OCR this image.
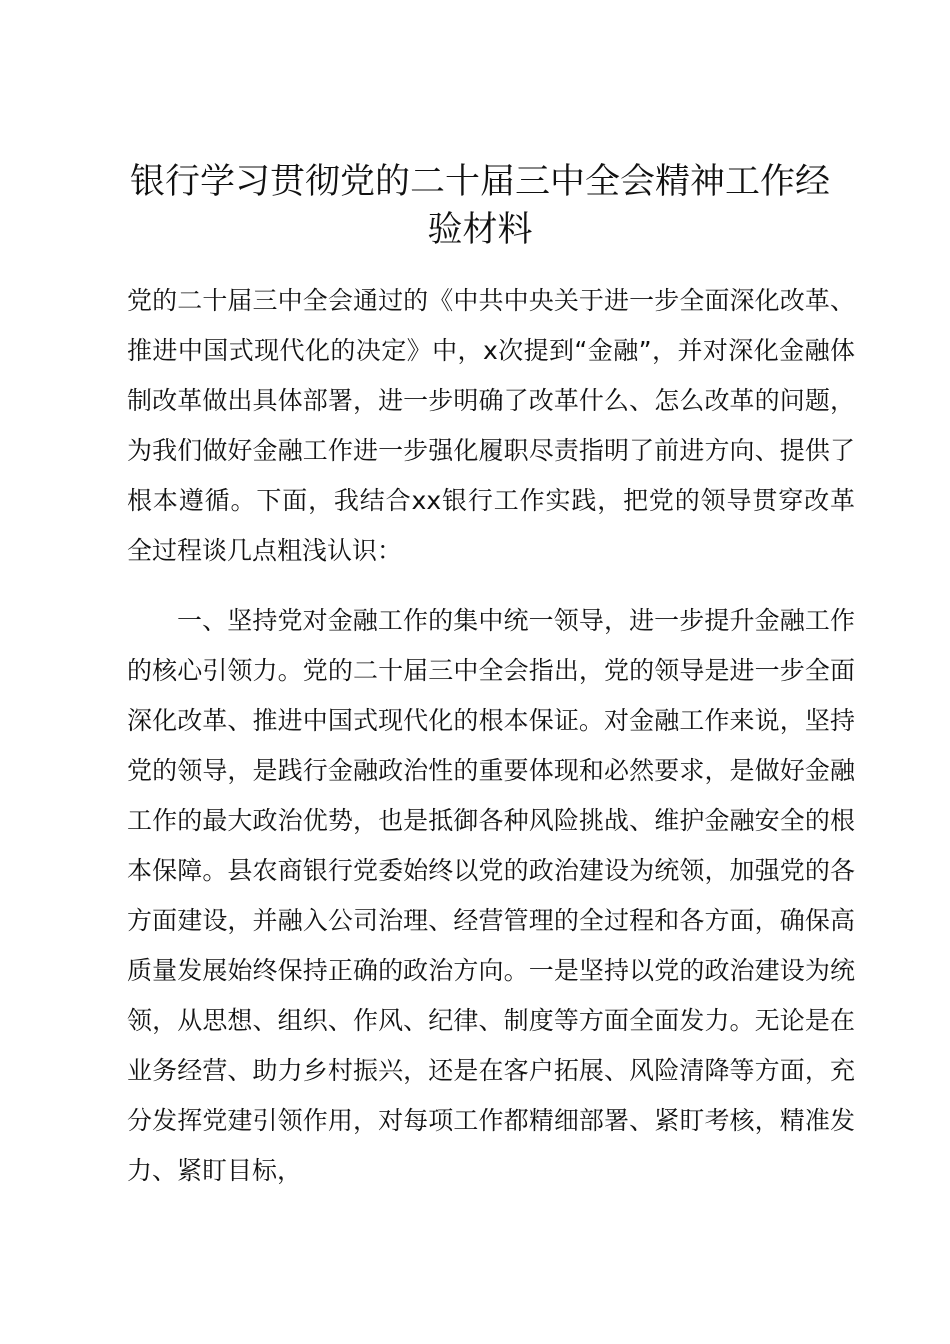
银行学习贯彻党的二十届三中全会精神工作经
验材料

党的二十届三中全会通过的《中共中央关于进一步全面深化改革、推进中国式现代化的决定》中，x次提到“金融”，并对深化金融体制改革做出具体部署，进一步明确了改革什么、怎么改革的问题，为我们做好金融工作进一步强化履职尽责指明了前进方向、提供了根本遵循。下面，我结合xx银行工作实践，把党的领导贯穿改革全过程谈几点粗浅认识：

一、坚持党对金融工作的集中统一领导，进一步提升金融工作的核心引领力。党的二十届三中全会指出，党的领导是进一步全面深化改革、推进中国式现代化的根本保证。对金融工作来说，坚持党的领导，是践行金融政治性的重要体现和必然要求，是做好金融工作的最大政治优势，也是抵御各种风险挑战、维护金融安全的根本保障。县农商银行党委始终以党的政治建设为统领，加强党的各方面建设，并融入公司治理、经营管理的全过程和各方面，确保高质量发展始终保持正确的政治方向。一是坚持以党的政治建设为统领，从思想、组织、作风、纪律、制度等方面全面发力。无论是在业务经营、助力乡村振兴，还是在客户拓展、风险清降等方面，充分发挥党建引领作用，对每项工作都精细部署、紧盯考核，精准发力、紧盯目标，
